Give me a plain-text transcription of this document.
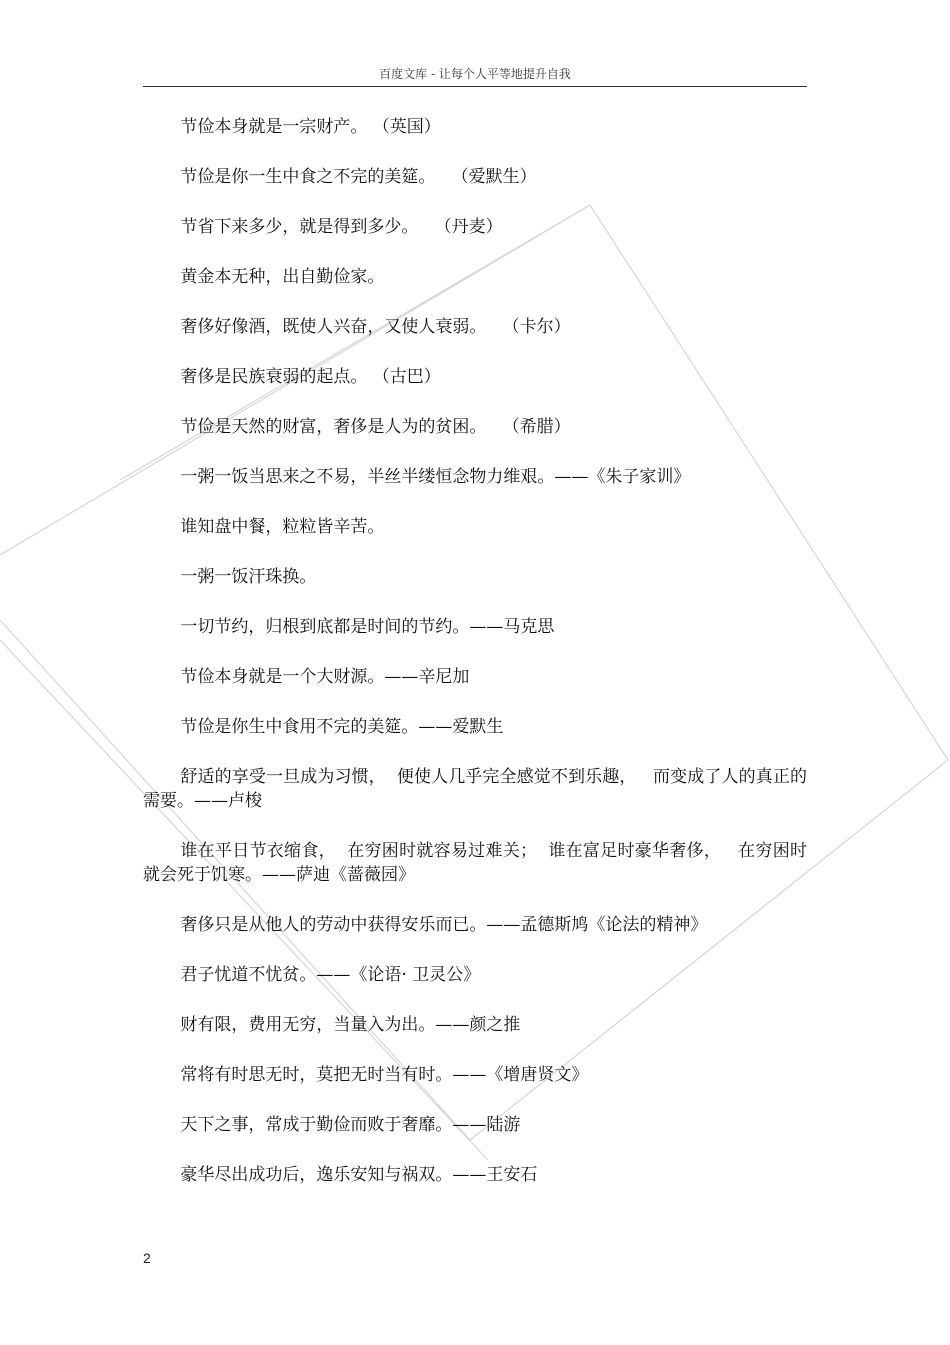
百度文库 - 让每个人平等地提升自我

节俭本身就是一宗财产。 （英国）

节俭是你一生中食之不完的美筵。   （爱默生）

节省下来多少，就是得到多少。   （丹麦）

黄金本无种，出自勤俭家。

奢侈好像酒，既使人兴奋，又使人衰弱。   （卡尔）

奢侈是民族衰弱的起点。 （古巴）

节俭是天然的财富，奢侈是人为的贫困。   （希腊）

一粥一饭当思来之不易，半丝半缕恒念物力维艰。——《朱子家训》

谁知盘中餐，粒粒皆辛苦。

一粥一饭汗珠换。

一切节约，归根到底都是时间的节约。——马克思

节俭本身就是一个大财源。——辛尼加

节俭是你生中食用不完的美筵。——爱默生

舒适的享受一旦成为习惯，  便使人几乎完全感觉不到乐趣，   而变成了人的真正的需要。——卢梭

谁在平日节衣缩食，  在穷困时就容易过难关；  谁在富足时豪华奢侈，   在穷困时就会死于饥寒。——萨迪《蔷薇园》

奢侈只是从他人的劳动中获得安乐而已。——孟德斯鸠《论法的精神》

君子忧道不忧贫。——《论语· 卫灵公》

财有限，费用无穷，当量入为出。——颜之推

常将有时思无时，莫把无时当有时。——《增唐贤文》

天下之事，常成于勤俭而败于奢靡。——陆游

豪华尽出成功后，逸乐安知与祸双。——王安石

2
